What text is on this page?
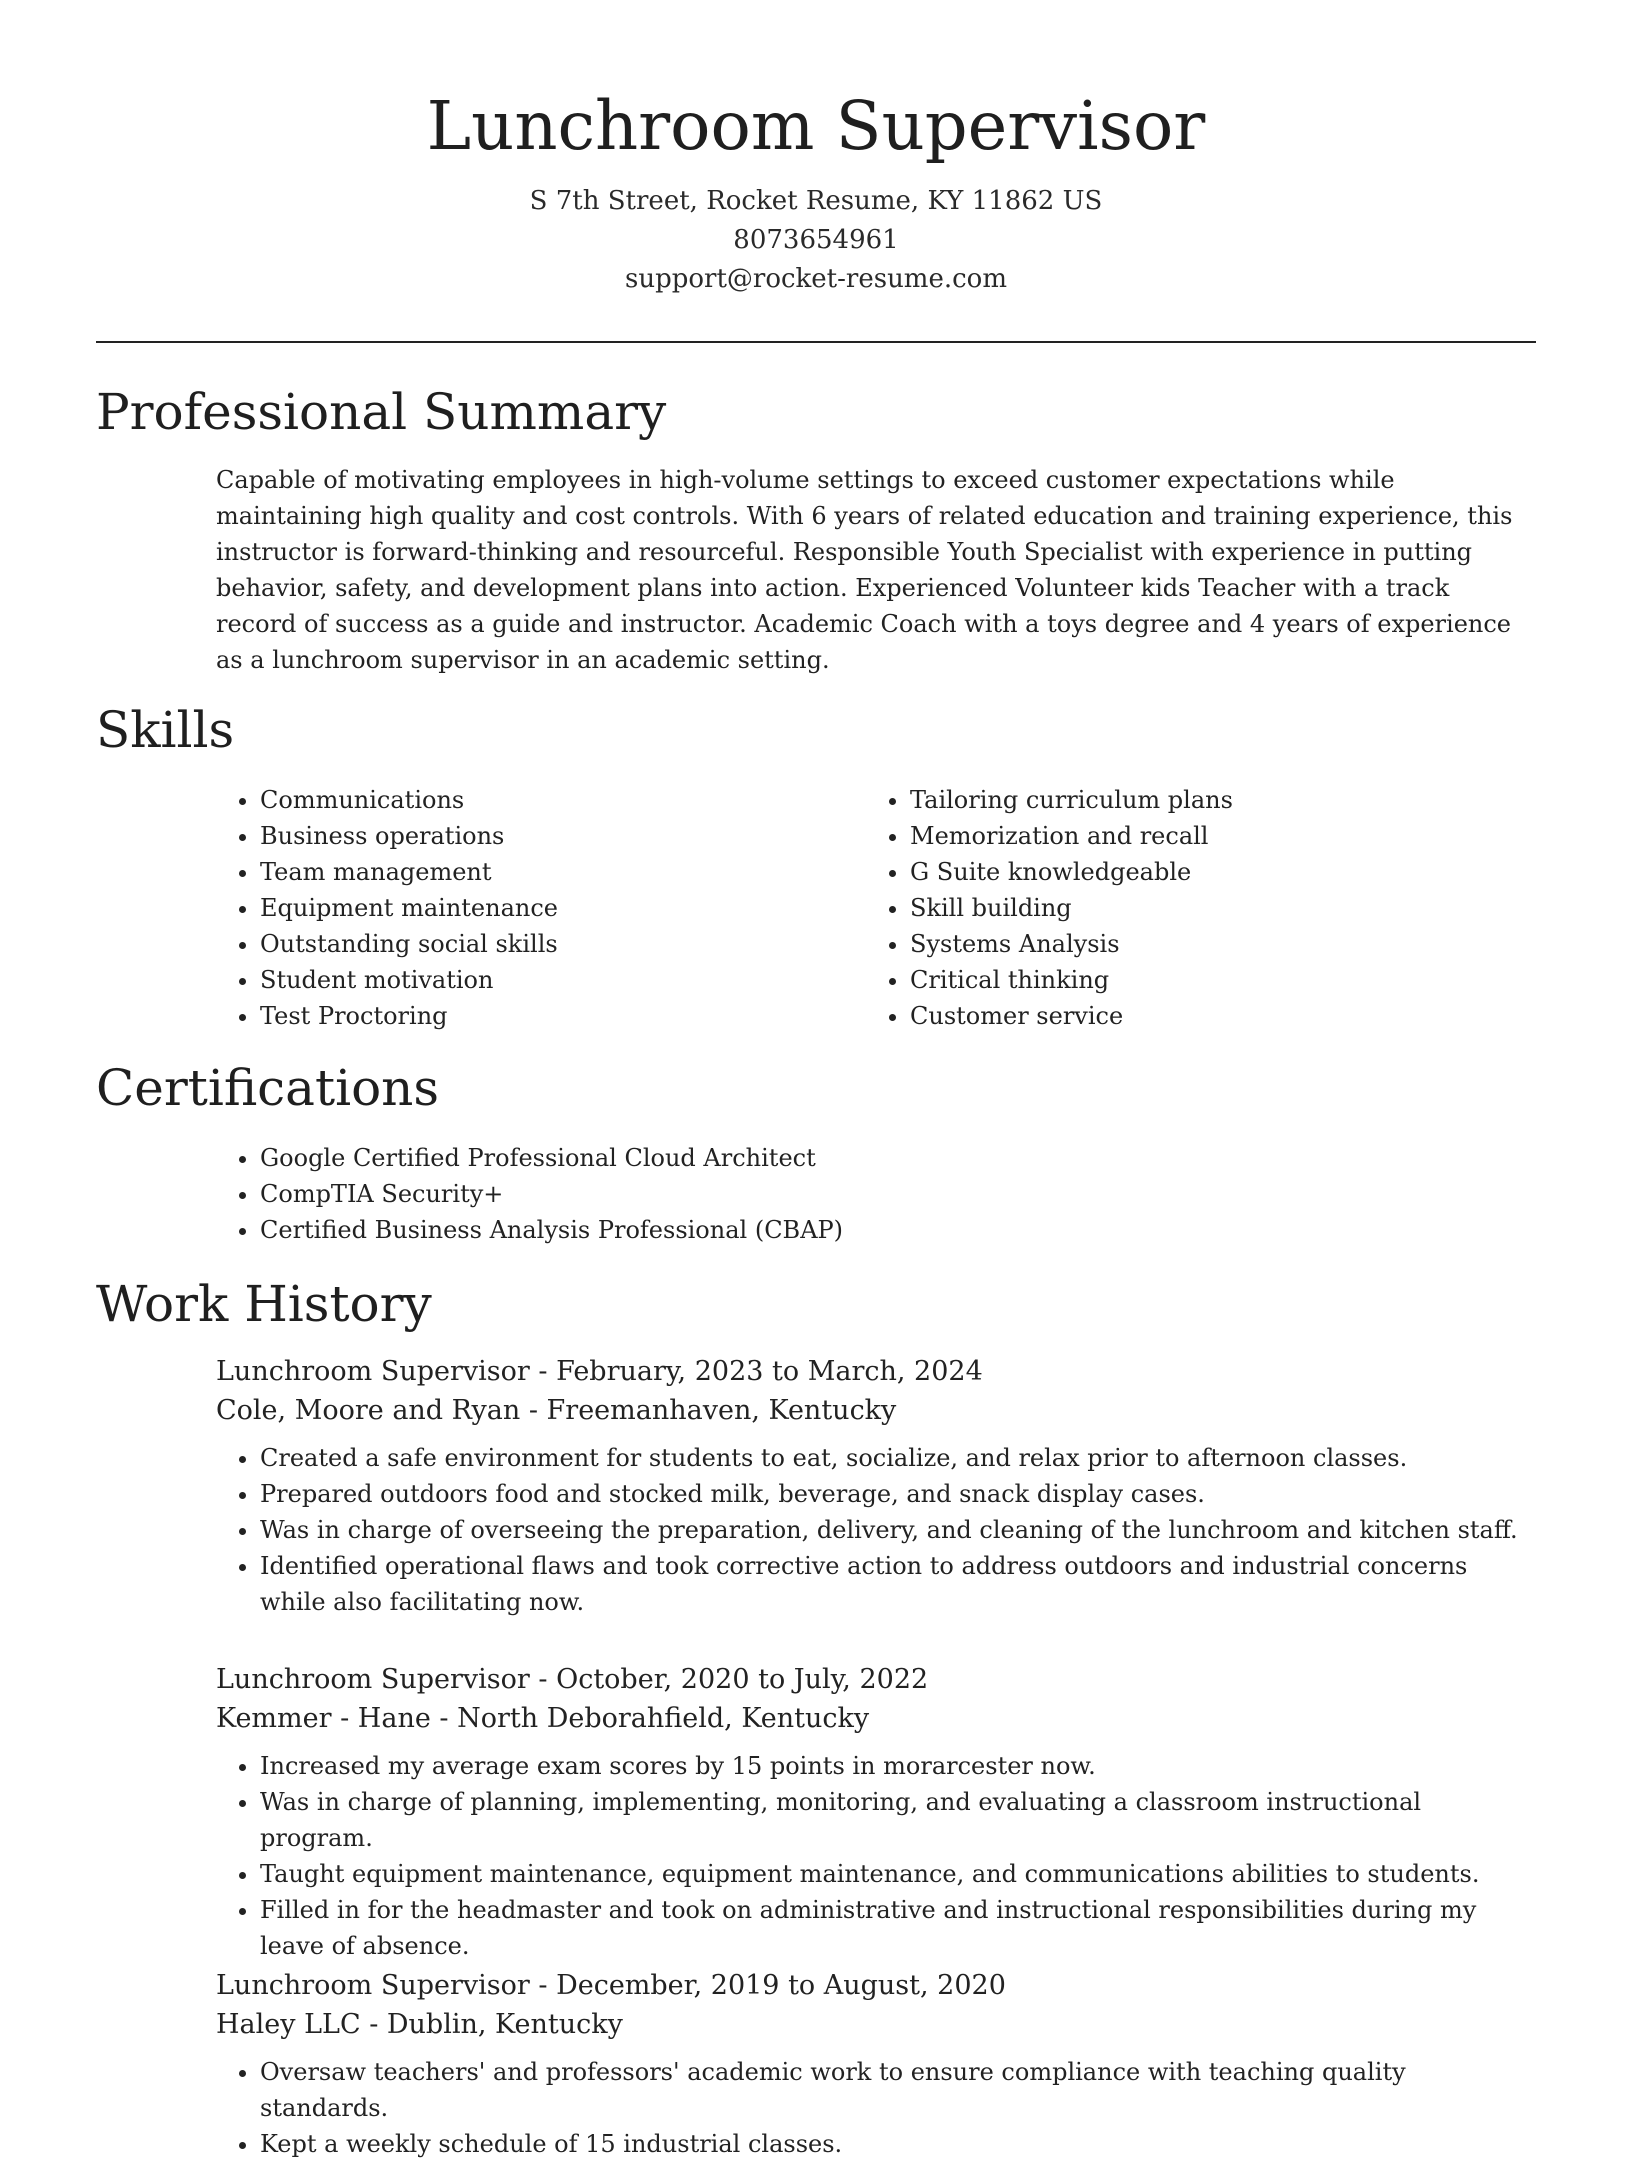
Lunchroom Supervisor
S 7th Street, Rocket Resume, KY 11862 US
8073654961
support@rocket-resume.com
Professional Summary
Capable of motivating employees in high-volume settings to exceed customer expectations while maintaining high quality and cost controls. With 6 years of related education and training experience, this instructor is forward-thinking and resourceful. Responsible Youth Specialist with experience in putting behavior, safety, and development plans into action. Experienced Volunteer kids Teacher with a track record of success as a guide and instructor. Academic Coach with a toys degree and 4 years of experience as a lunchroom supervisor in an academic setting.
Skills
• Communications
• Business operations
• Team management
• Equipment maintenance
• Outstanding social skills
• Student motivation
• Test Proctoring
• Tailoring curriculum plans
• Memorization and recall
• G Suite knowledgeable
• Skill building
• Systems Analysis
• Critical thinking
• Customer service
Certifications
• Google Certified Professional Cloud Architect
• CompTIA Security+
• Certified Business Analysis Professional (CBAP)
Work History
Lunchroom Supervisor - February, 2023 to March, 2024
Cole, Moore and Ryan - Freemanhaven, Kentucky
• Created a safe environment for students to eat, socialize, and relax prior to afternoon classes.
• Prepared outdoors food and stocked milk, beverage, and snack display cases.
• Was in charge of overseeing the preparation, delivery, and cleaning of the lunchroom and kitchen staff.
• Identified operational flaws and took corrective action to address outdoors and industrial concerns while also facilitating now.
Lunchroom Supervisor - October, 2020 to July, 2022
Kemmer - Hane - North Deborahfield, Kentucky
• Increased my average exam scores by 15 points in morarcester now.
• Was in charge of planning, implementing, monitoring, and evaluating a classroom instructional program.
• Taught equipment maintenance, equipment maintenance, and communications abilities to students.
• Filled in for the headmaster and took on administrative and instructional responsibilities during my leave of absence.
Lunchroom Supervisor - December, 2019 to August, 2020
Haley LLC - Dublin, Kentucky
• Oversaw teachers' and professors' academic work to ensure compliance with teaching quality standards.
• Kept a weekly schedule of 15 industrial classes.
